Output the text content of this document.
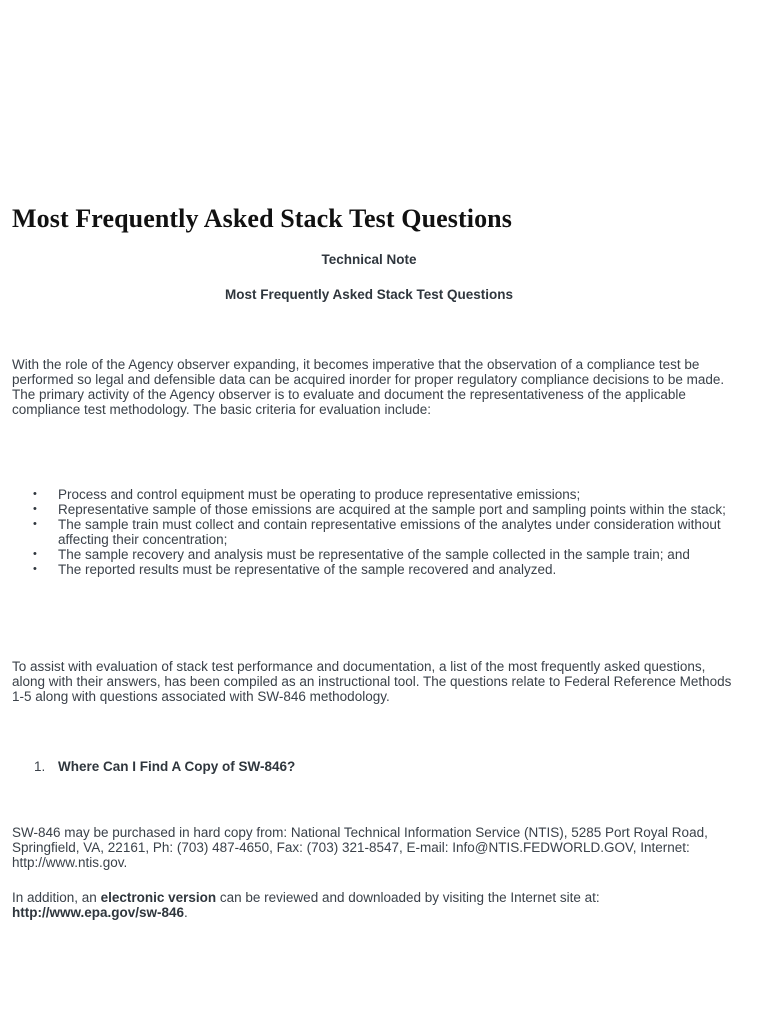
Most Frequently Asked Stack Test Questions

Technical Note

Most Frequently Asked Stack Test Questions

With the role of the Agency observer expanding, it becomes imperative that the observation of a compliance test be performed so legal and defensible data can be acquired inorder for proper regulatory compliance decisions to be made. The primary activity of the Agency observer is to evaluate and document the representativeness of the applicable compliance test methodology. The basic criteria for evaluation include:

• Process and control equipment must be operating to produce representative emissions;
• Representative sample of those emissions are acquired at the sample port and sampling points within the stack;
• The sample train must collect and contain representative emissions of the analytes under consideration without affecting their concentration;
• The sample recovery and analysis must be representative of the sample collected in the sample train; and
• The reported results must be representative of the sample recovered and analyzed.

To assist with evaluation of stack test performance and documentation, a list of the most frequently asked questions, along with their answers, has been compiled as an instructional tool. The questions relate to Federal Reference Methods 1-5 along with questions associated with SW-846 methodology.

1. Where Can I Find A Copy of SW-846?

SW-846 may be purchased in hard copy from: National Technical Information Service (NTIS), 5285 Port Royal Road, Springfield, VA, 22161, Ph: (703) 487-4650, Fax: (703) 321-8547, E-mail: Info@NTIS.FEDWORLD.GOV, Internet: http://www.ntis.gov.

In addition, an electronic version can be reviewed and downloaded by visiting the Internet site at: http://www.epa.gov/sw-846.
